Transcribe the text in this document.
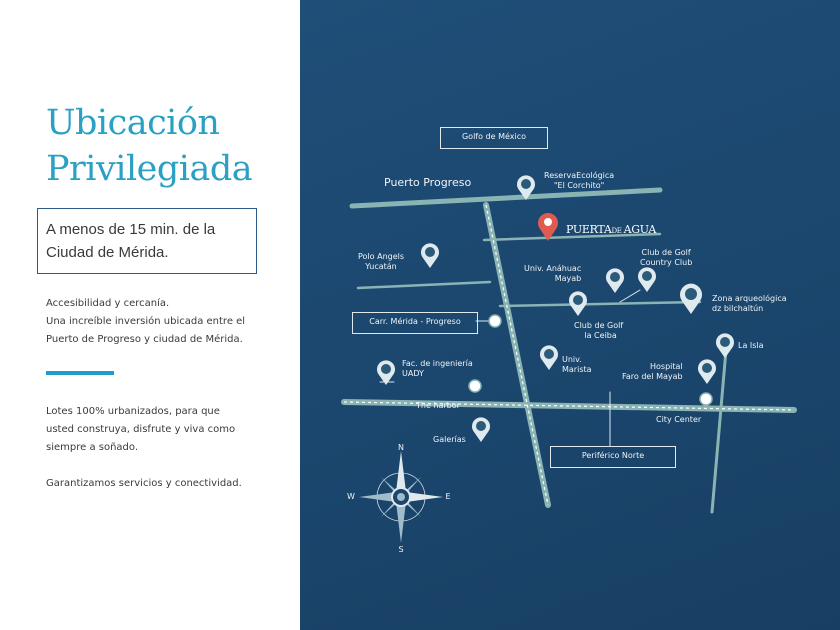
Ubicación
Privilegiada
A menos de 15 min. de la
Ciudad de Mérida.

Accesibilidad y cercanía.
Una increíble inversión ubicada entre el
Puerto de Progreso y ciudad de Mérida.

Lotes 100% urbanizados, para que
usted construya, disfrute y viva como
siempre a soñado.

Garantizamos servicios y conectividad.

N
S
W	E
Golfo de México
Carr. Mérida - Progreso
Periférico Norte
Puerto Progreso
PUERTADE AGUA
ReservaEcológica
"El Corchito"
Polo Angels
Yucatán	Univ. Anáhuac
Mayab
Club de Golf
Country Club
Zona arqueológica
dz bilchaltún
Club de Golf
la Ceiba
La Isla
Fac. de ingeniería
UADY
Univ.
Marista	Hospital
Faro del Mayab
The harbor
City Center
Galerías
